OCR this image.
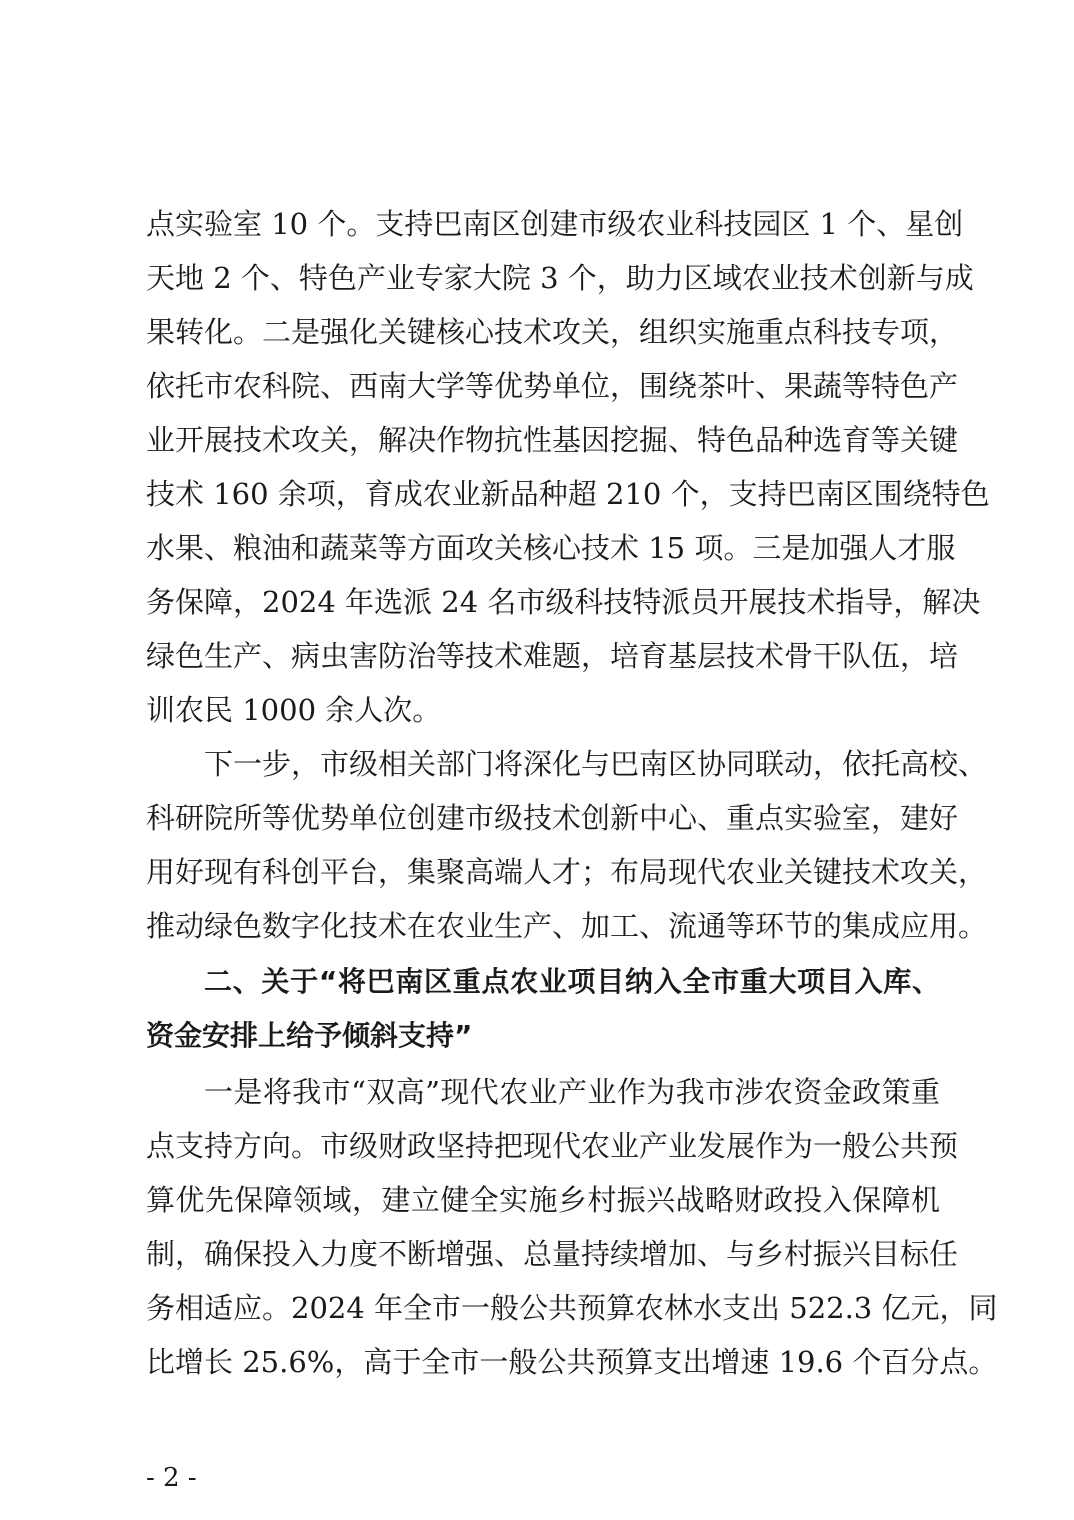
点实验室 10 个。支持巴南区创建市级农业科技园区 1 个、星创
天地 2 个、特色产业专家大院 3 个，助力区域农业技术创新与成
果转化。二是强化关键核心技术攻关，组织实施重点科技专项，
依托市农科院、西南大学等优势单位，围绕茶叶、果蔬等特色产
业开展技术攻关，解决作物抗性基因挖掘、特色品种选育等关键
技术 160 余项，育成农业新品种超 210 个，支持巴南区围绕特色
水果、粮油和蔬菜等方面攻关核心技术 15 项。三是加强人才服
务保障，2024 年选派 24 名市级科技特派员开展技术指导，解决
绿色生产、病虫害防治等技术难题，培育基层技术骨干队伍，培
训农民 1000 余人次。
下一步，市级相关部门将深化与巴南区协同联动，依托高校、
科研院所等优势单位创建市级技术创新中心、重点实验室，建好
用好现有科创平台，集聚高端人才；布局现代农业关键技术攻关，
推动绿色数字化技术在农业生产、加工、流通等环节的集成应用。
二、关于“将巴南区重点农业项目纳入全市重大项目入库、
资金安排上给予倾斜支持”
一是将我市“双高”现代农业产业作为我市涉农资金政策重
点支持方向。市级财政坚持把现代农业产业发展作为一般公共预
算优先保障领域，建立健全实施乡村振兴战略财政投入保障机
制，确保投入力度不断增强、总量持续增加、与乡村振兴目标任
务相适应。2024 年全市一般公共预算农林水支出 522.3 亿元，同
比增长 25.6%，高于全市一般公共预算支出增速 19.6 个百分点。
- 2 -
